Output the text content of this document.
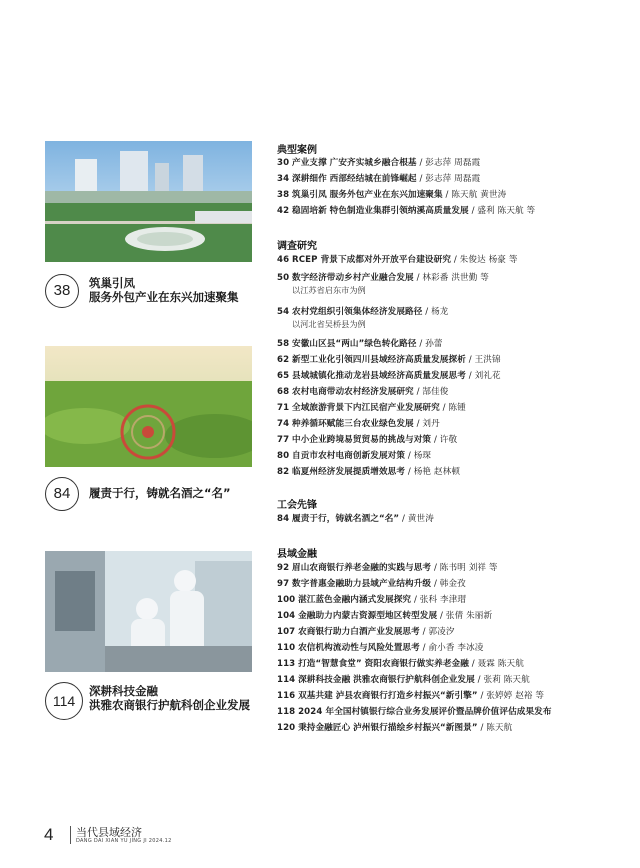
38	筑巢引凤
服务外包产业在东兴加速聚集
84	履责于行，铸就名酒之“名”
114
深耕科技金融
洪雅农商银行护航科创企业发展
典型案例
30 产业支撑 广安齐实城乡融合根基 / 彭志萍 周磊霞
34 深耕细作 西部经结城在前锋崛起 / 彭志萍 周磊霞
38 筑巢引凤 服务外包产业在东兴加速聚集 / 陈天航 黄世涛
42 稳固培新 特色制造业集群引领纳溪高质量发展 / 盛利 陈天航 等
调查研究
46 RCEP 背景下成都对外开放平台建设研究 / 朱俊达 杨豪 等
50 数字经济带动乡村产业融合发展 / 林彩番 洪世勤 等
以江苏省启东市为例
54 农村党组织引领集体经济发展路径 / 杨龙
以河北省吴桥县为例
58 安徽山区县“两山”绿色转化路径 / 孙蕾
62 新型工业化引领四川县域经济高质量发展探析 / 王洪锦
65 县域城镇化推动龙岩县域经济高质量发展思考 / 刘礼花
68 农村电商带动农村经济发展研究 / 郜佳俊
71 全域旅游背景下内江民宿产业发展研究 / 陈锺
74 种养循环赋能三台农业绿色发展 / 刘丹
77 中小企业跨境易贸贸易的挑战与对策 / 许敬
80 自贡市农村电商创新发展对策 / 杨琛
82 临夏州经济发展提质增效思考 / 杨艳 赵林顿
工会先锋
84 履责于行，铸就名酒之“名” / 黄世涛
县域金融
92 眉山农商银行养老金融的实践与思考 / 陈书明 刘祥 等
97 数字普惠金融助力县域产业结构升级 / 韩金孜
100 湛江蓝色金融内涵式发展探究 / 张科 李津瑁
104 金融助力内蒙古资源型地区转型发展 / 张倩 朱丽新
107 农商银行助力白酒产业发展思考 / 郭凌汐
110 农信机构流动性与风险处置思考 / 俞小香 李冰凌
113 打造“智慧食堂” 资阳农商银行做实养老金融 / 聂霖 陈天航
114 深耕科技金融 洪雅农商银行护航科创企业发展 / 张莉 陈天航
116 双基共建 泸县农商银行打造乡村振兴“新引擎” / 张婷婷 赵裕 等
118 2024 年全国村镇银行综合业务发展评价暨品牌价值评估成果发布
120 秉持金融匠心 泸州银行描绘乡村振兴“新图景” / 陈天航
4 当代县域经济
DANG DAI XIAN YU JING JI 2024.12
